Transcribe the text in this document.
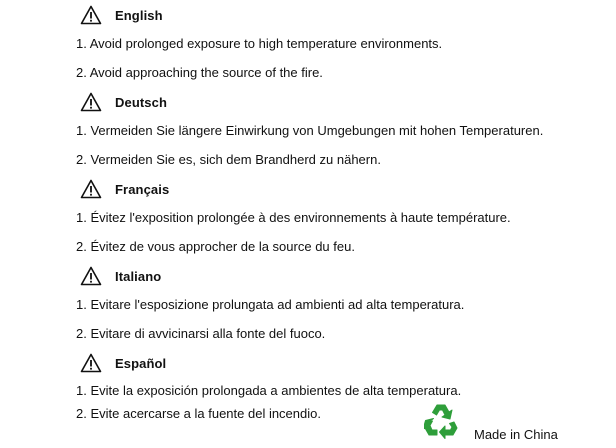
English
1. Avoid prolonged exposure to high temperature environments.
2. Avoid approaching the source of the fire.
Deutsch
1. Vermeiden Sie längere Einwirkung von Umgebungen mit hohen Temperaturen.
2. Vermeiden Sie es, sich dem Brandherd zu nähern.
Français
1. Évitez l'exposition prolongée à des environnements à haute température.
2. Évitez de vous approcher de la source du feu.
Italiano
1. Evitare l'esposizione prolungata ad ambienti ad alta temperatura.
2. Evitare di avvicinarsi alla fonte del fuoco.
Español
1. Evite la exposición prolongada a ambientes de alta temperatura.
2. Evite acercarse a la fuente del incendio.
Made in China
